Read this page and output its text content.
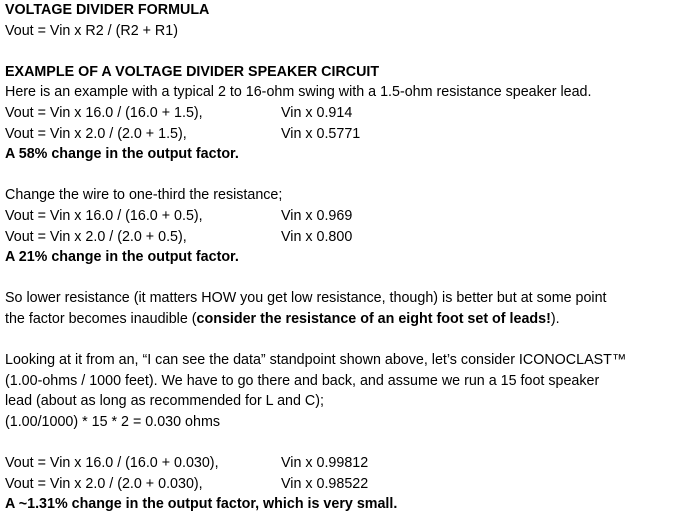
VOLTAGE DIVIDER FORMULA
Vout = Vin x R2 / (R2 + R1)
EXAMPLE OF A VOLTAGE DIVIDER SPEAKER CIRCUIT
Here is an example with a typical 2 to 16-ohm swing with a 1.5-ohm resistance speaker lead.
Vout = Vin x 16.0 / (16.0 + 1.5),	Vin x 0.914
Vout = Vin x 2.0 / (2.0 + 1.5),	Vin x 0.5771
A 58% change in the output factor.
Change the wire to one-third the resistance;
Vout = Vin x 16.0 / (16.0 + 0.5),	Vin x 0.969
Vout = Vin x 2.0 / (2.0 + 0.5),	Vin x 0.800
A 21% change in the output factor.
So lower resistance (it matters HOW you get low resistance, though) is better but at some point
the factor becomes inaudible (consider the resistance of an eight foot set of leads!).
Looking at it from an, “I can see the data” standpoint shown above, let’s consider ICONOCLAST™
(1.00-ohms / 1000 feet). We have to go there and back, and assume we run a 15 foot speaker
lead (about as long as recommended for L and C);
(1.00/1000) * 15 * 2 = 0.030 ohms
Vout = Vin x 16.0 / (16.0 + 0.030),	Vin x 0.99812
Vout = Vin x 2.0 / (2.0 + 0.030),	Vin x 0.98522
A ~1.31% change in the output factor, which is very small.
